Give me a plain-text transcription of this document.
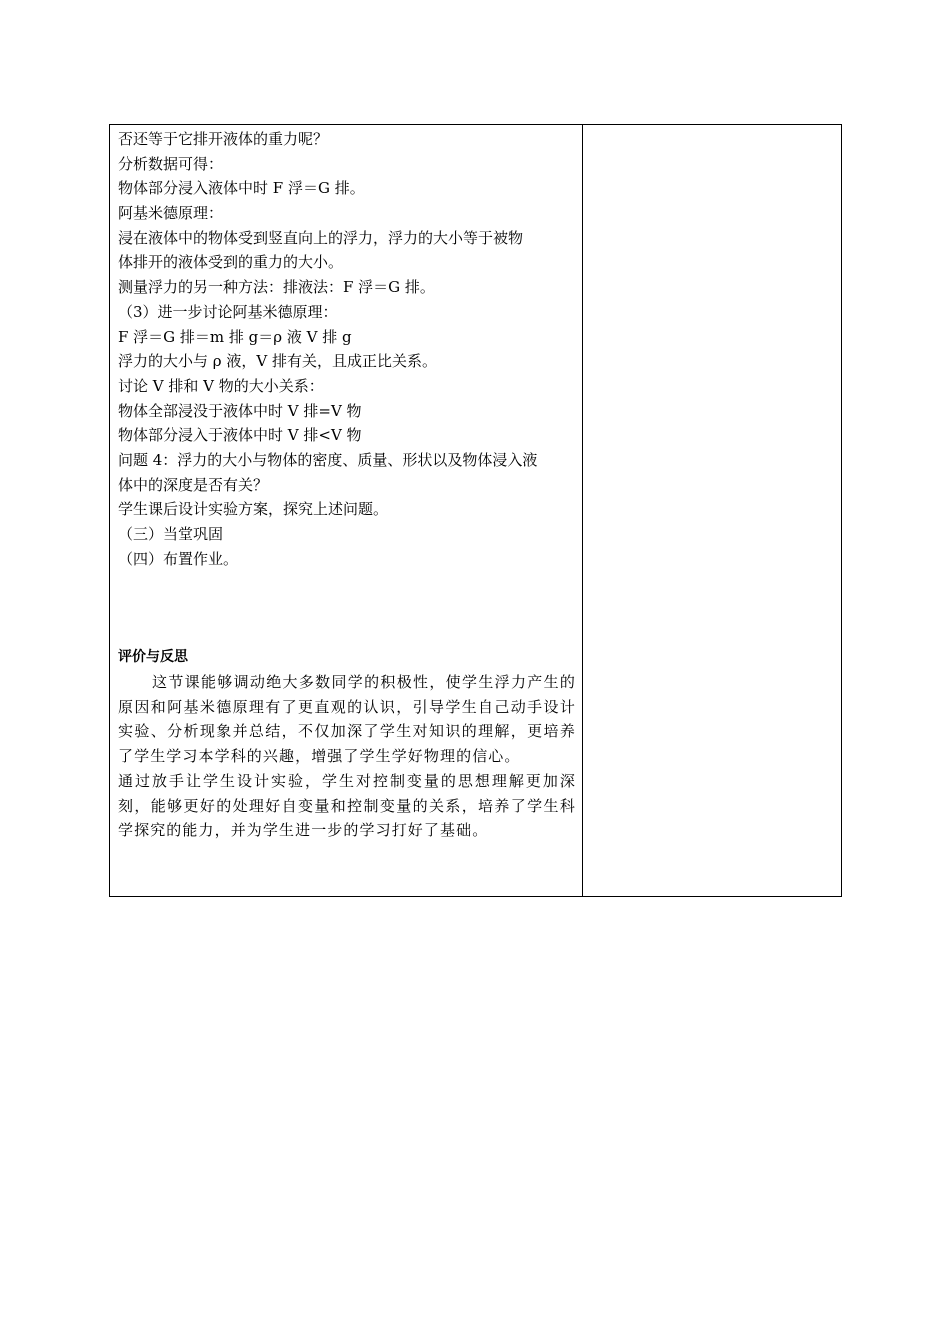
否还等于它排开液体的重力呢？
分析数据可得：
物体部分浸入液体中时 F 浮＝G 排。
阿基米德原理：
浸在液体中的物体受到竖直向上的浮力，浮力的大小等于被物
体排开的液体受到的重力的大小。
测量浮力的另一种方法：排液法：F 浮＝G 排。
（3）进一步讨论阿基米德原理：
F 浮＝G 排＝m 排 g＝ρ 液 V 排 g
浮力的大小与 ρ 液，V 排有关，且成正比关系。
讨论 V 排和 V 物的大小关系：
物体全部浸没于液体中时 V 排=V 物
物体部分浸入于液体中时 V 排<V 物
问题 4：浮力的大小与物体的密度、质量、形状以及物体浸入液
体中的深度是否有关？
学生课后设计实验方案，探究上述问题。
（三）当堂巩固
（四）布置作业。
评价与反思
这节课能够调动绝大多数同学的积极性，使学生浮力产生的原因和阿基米德原理有了更直观的认识，引导学生自己动手设计实验、分析现象并总结，不仅加深了学生对知识的理解，更培养了学生学习本学科的兴趣，增强了学生学好物理的信心。
通过放手让学生设计实验，学生对控制变量的思想理解更加深刻，能够更好的处理好自变量和控制变量的关系，培养了学生科学探究的能力，并为学生进一步的学习打好了基础。
